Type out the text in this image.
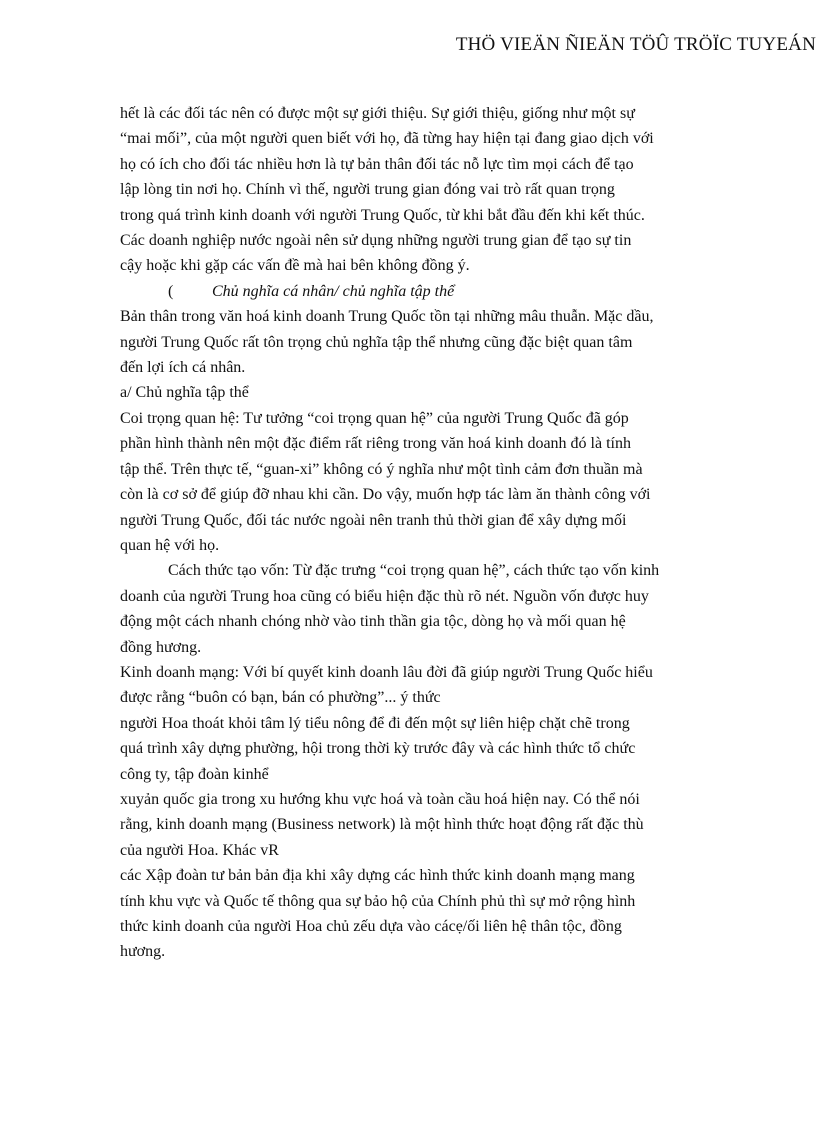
THÖ VIEÄN ÑIEÄN TÖÛ TRÖÏC TUYEÁN

hết là các đối tác nên có được một sự giới thiệu. Sự giới thiệu, giống như một sự

“mai mối”, của một người quen biết với họ, đã từng hay hiện tại đang giao dịch với

họ có ích cho đối tác nhiều hơn là tự bản thân đối tác nỗ lực tìm mọi cách để tạo

lập lòng tin nơi họ. Chính vì thế, người trung gian đóng vai trò rất quan trọng

trong quá trình kinh doanh với người Trung Quốc, từ khi bắt đầu đến khi kết thúc.

Các doanh nghiệp nước ngoài nên sử dụng những người trung gian để tạo sự tin

cậy hoặc khi gặp các vấn đề mà hai bên không đồng ý.

( Chủ nghĩa cá nhân/ chủ nghĩa tập thể

Bản thân trong văn hoá kinh doanh Trung Quốc tồn tại những mâu thuẫn. Mặc dầu,

người Trung Quốc rất tôn trọng chủ nghĩa tập thể nhưng cũng đặc biệt quan tâm

đến lợi ích cá nhân.

a/ Chủ nghĩa tập thể

Coi trọng quan hệ: Tư tưởng “coi trọng quan hệ” của người Trung Quốc đã góp

phần hình thành nên một đặc điểm rất riêng trong văn hoá kinh doanh đó là tính

tập thể. Trên thực tế, “guan-xi” không có ý nghĩa như một tình cảm đơn thuần mà

còn là cơ sở để giúp đỡ nhau khi cần. Do vậy, muốn hợp tác làm ăn thành công với

người Trung Quốc, đối tác nước ngoài nên tranh thủ thời gian để xây dựng mối

quan hệ với họ.

Cách thức tạo vốn: Từ đặc trưng “coi trọng quan hệ”, cách thức tạo vốn kinh

doanh của người Trung hoa cũng có biểu hiện đặc thù rõ nét. Nguồn vốn được huy

động một cách nhanh chóng nhờ vào tinh thần gia tộc, dòng họ và mối quan hệ

đồng hương.

Kinh doanh mạng: Với bí quyết kinh doanh lâu đời đã giúp người Trung Quốc hiểu

được rằng “buôn có bạn, bán có phường”... ý thức

người Hoa thoát khỏi tâm lý tiểu nông để đi đến một sự liên hiệp chặt chẽ trong

quá trình xây dựng phường, hội trong thời kỳ trước đây và các hình thức tổ chức

công ty, tập đoàn kinhể

xuyản quốc gia trong xu hướng khu vực hoá và toàn cầu hoá hiện nay. Có thể nói

rằng, kinh doanh mạng (Business network) là một hình thức hoạt động rất đặc thù

của người Hoa. Khác vR

các Xập đoàn tư bản bản địa khi xây dựng các hình thức kinh doanh mạng mang

tính khu vực và Quốc tế thông qua sự bảo hộ của Chính phủ thì sự mở rộng hình

thức kinh doanh của người Hoa chủ zếu dựa vào cácẹ/ối liên hệ thân tộc, đồng

hương.
